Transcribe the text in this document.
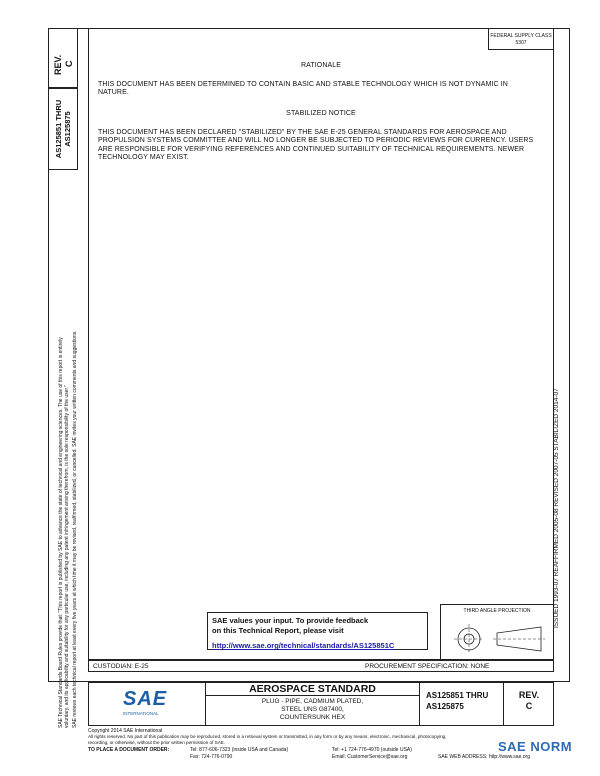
SAE Technical Standards Board Rules provide that: "This report is published by SAE to advance the state of technical and engineering sciences. The use of this report is entirely voluntary, and its applicability and suitability for any particular use, including any patent infringement arising therefrom, is the sole responsibility of the user." SAE reviews each technical report at least every five years at which time it may be revised, reaffirmed, stabilized, or cancelled. SAE invites your written comments and suggestions.
REV. C
AS125851 THRU AS125875
FEDERAL SUPPLY CLASS
5307
RATIONALE
THIS DOCUMENT HAS BEEN DETERMINED TO CONTAIN BASIC AND STABLE TECHNOLOGY WHICH IS NOT DYNAMIC IN NATURE.
STABILIZED NOTICE
THIS DOCUMENT HAS BEEN DECLARED "STABILIZED" BY THE SAE E-25 GENERAL STANDARDS FOR AEROSPACE AND PROPULSION SYSTEMS COMMITTEE AND WILL NO LONGER BE SUBJECTED TO PERIODIC REVIEWS FOR CURRENCY. USERS ARE RESPONSIBLE FOR VERIFYING REFERENCES AND CONTINUED SUITABILITY OF TECHNICAL REQUIREMENTS. NEWER TECHNOLOGY MAY EXIST.
ISSUED 1993-07 REAFFIRMED 2005-08 REVISED 2007-05 STABILIZED 2014-07
SAE values your input. To provide feedback
on this Technical Report, please visit
http://www.sae.org/technical/standards/AS125851C
THIRD ANGLE PROJECTION
CUSTODIAN: E-25	PROCUREMENT SPECIFICATION: NONE
SAE
INTERNATIONAL
AEROSPACE STANDARD
PLUG - PIPE, CADMIUM PLATED,
STEEL UNS G87400,
COUNTERSUNK HEX
AS125851 THRU
AS125875
REV.
C
Copyright 2014 SAE International
All rights reserved. No part of this publication may be reproduced, stored in a retrieval system or transmitted, in any form or by any means, electronic, mechanical, photocopying,
recording, or otherwise, without the prior written permission of SAE.
TO PLACE A DOCUMENT ORDER:	Tel: 877-606-7323 (inside USA and Canada)
Fax: 724-776-0790
Tel: +1 724-776-4970 (outside USA)
Email: CustomerService@sae.org	SAE WEB ADDRESS: http://www.sae.org
SAE NORM
